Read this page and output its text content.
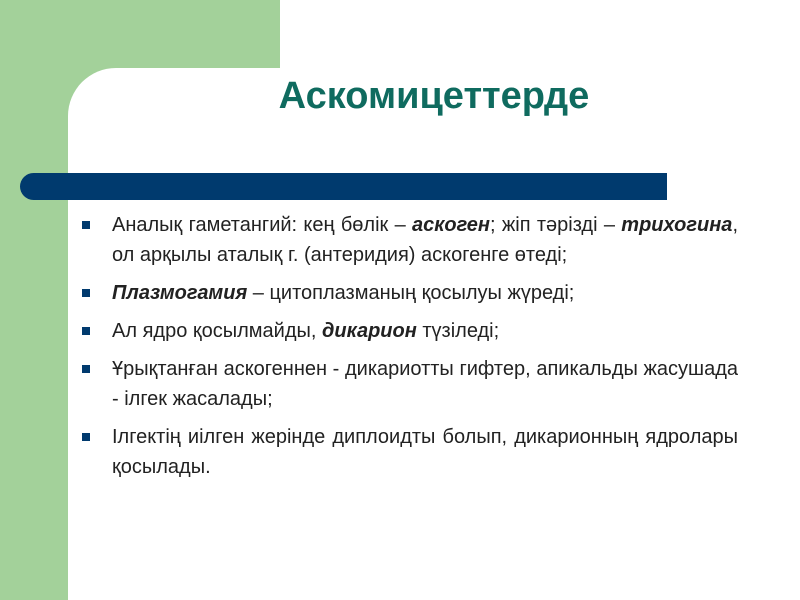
Аскомицеттерде
Аналық гаметангий: кең бөлік – аскоген; жіп тәрізді – трихогина, ол арқылы аталық г. (антеридия) аскогенге өтеді;
Плазмогамия – цитоплазманың қосылуы жүреді;
Ал ядро қосылмайды, дикарион түзіледі;
Ұрықтанған аскогеннен - дикариотты гифтер, апикальды жасушада - ілгек жасалады;
Ілгектің иілген жерінде диплоидты болып, дикарионның ядролары қосылады.
